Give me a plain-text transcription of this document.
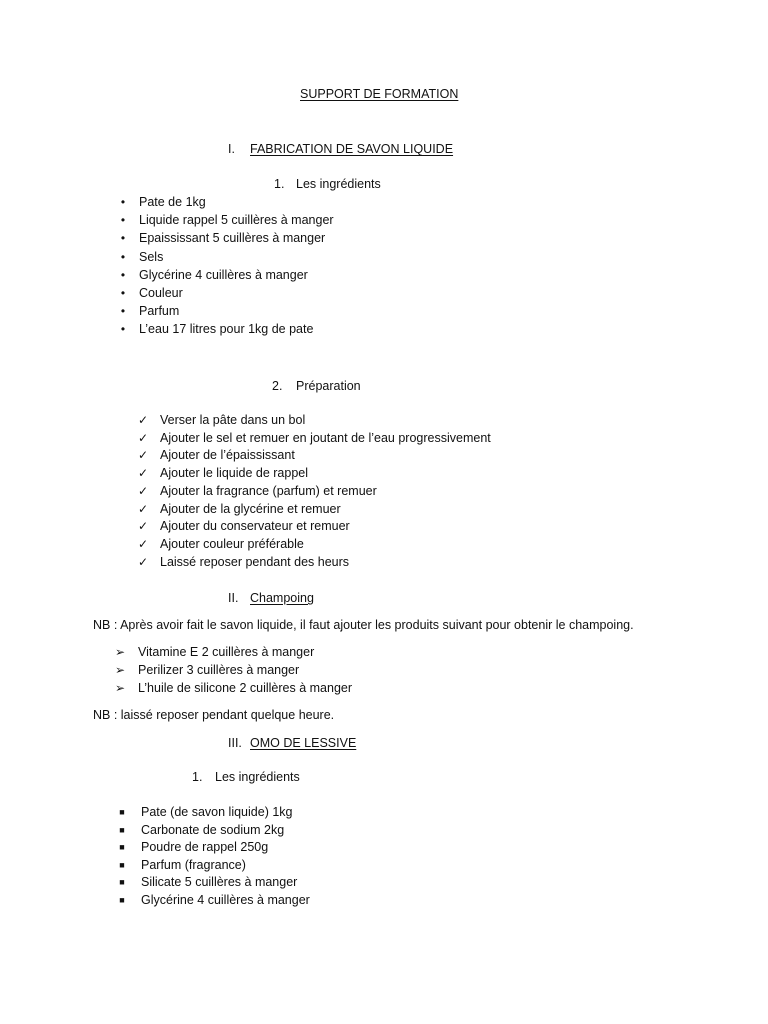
SUPPORT DE FORMATION
I. FABRICATION DE SAVON LIQUIDE
1. Les ingrédients
•	Pate de 1kg
•	Liquide rappel 5 cuillères à manger
•	Epaississant 5 cuillères à manger
•	Sels
•	Glycérine 4 cuillères à manger
•	Couleur
•	Parfum
•	L’eau 17 litres pour 1kg de pate
2. Préparation
✓ Verser la pâte dans un bol
✓ Ajouter le sel et remuer en joutant de l’eau progressivement
✓ Ajouter de l’épaississant
✓ Ajouter le liquide de rappel
✓ Ajouter la fragrance (parfum) et remuer
✓ Ajouter de la glycérine et remuer
✓ Ajouter du conservateur et remuer
✓ Ajouter couleur préférable
✓ Laissé reposer pendant des heurs
II. Champoing
NB : Après avoir fait le savon liquide, il faut ajouter les produits suivant pour obtenir le champoing.
➢ Vitamine E 2 cuillères à manger
➢ Perilizer 3 cuillères à manger
➢ L’huile de silicone 2 cuillères à manger
NB : laissé reposer pendant quelque heure.
III. OMO DE LESSIVE
1. Les ingrédients
■ Pate (de savon liquide) 1kg
■ Carbonate de sodium 2kg
■ Poudre de rappel 250g
■ Parfum (fragrance)
■ Silicate 5 cuillères à manger
■ Glycérine 4 cuillères à manger
